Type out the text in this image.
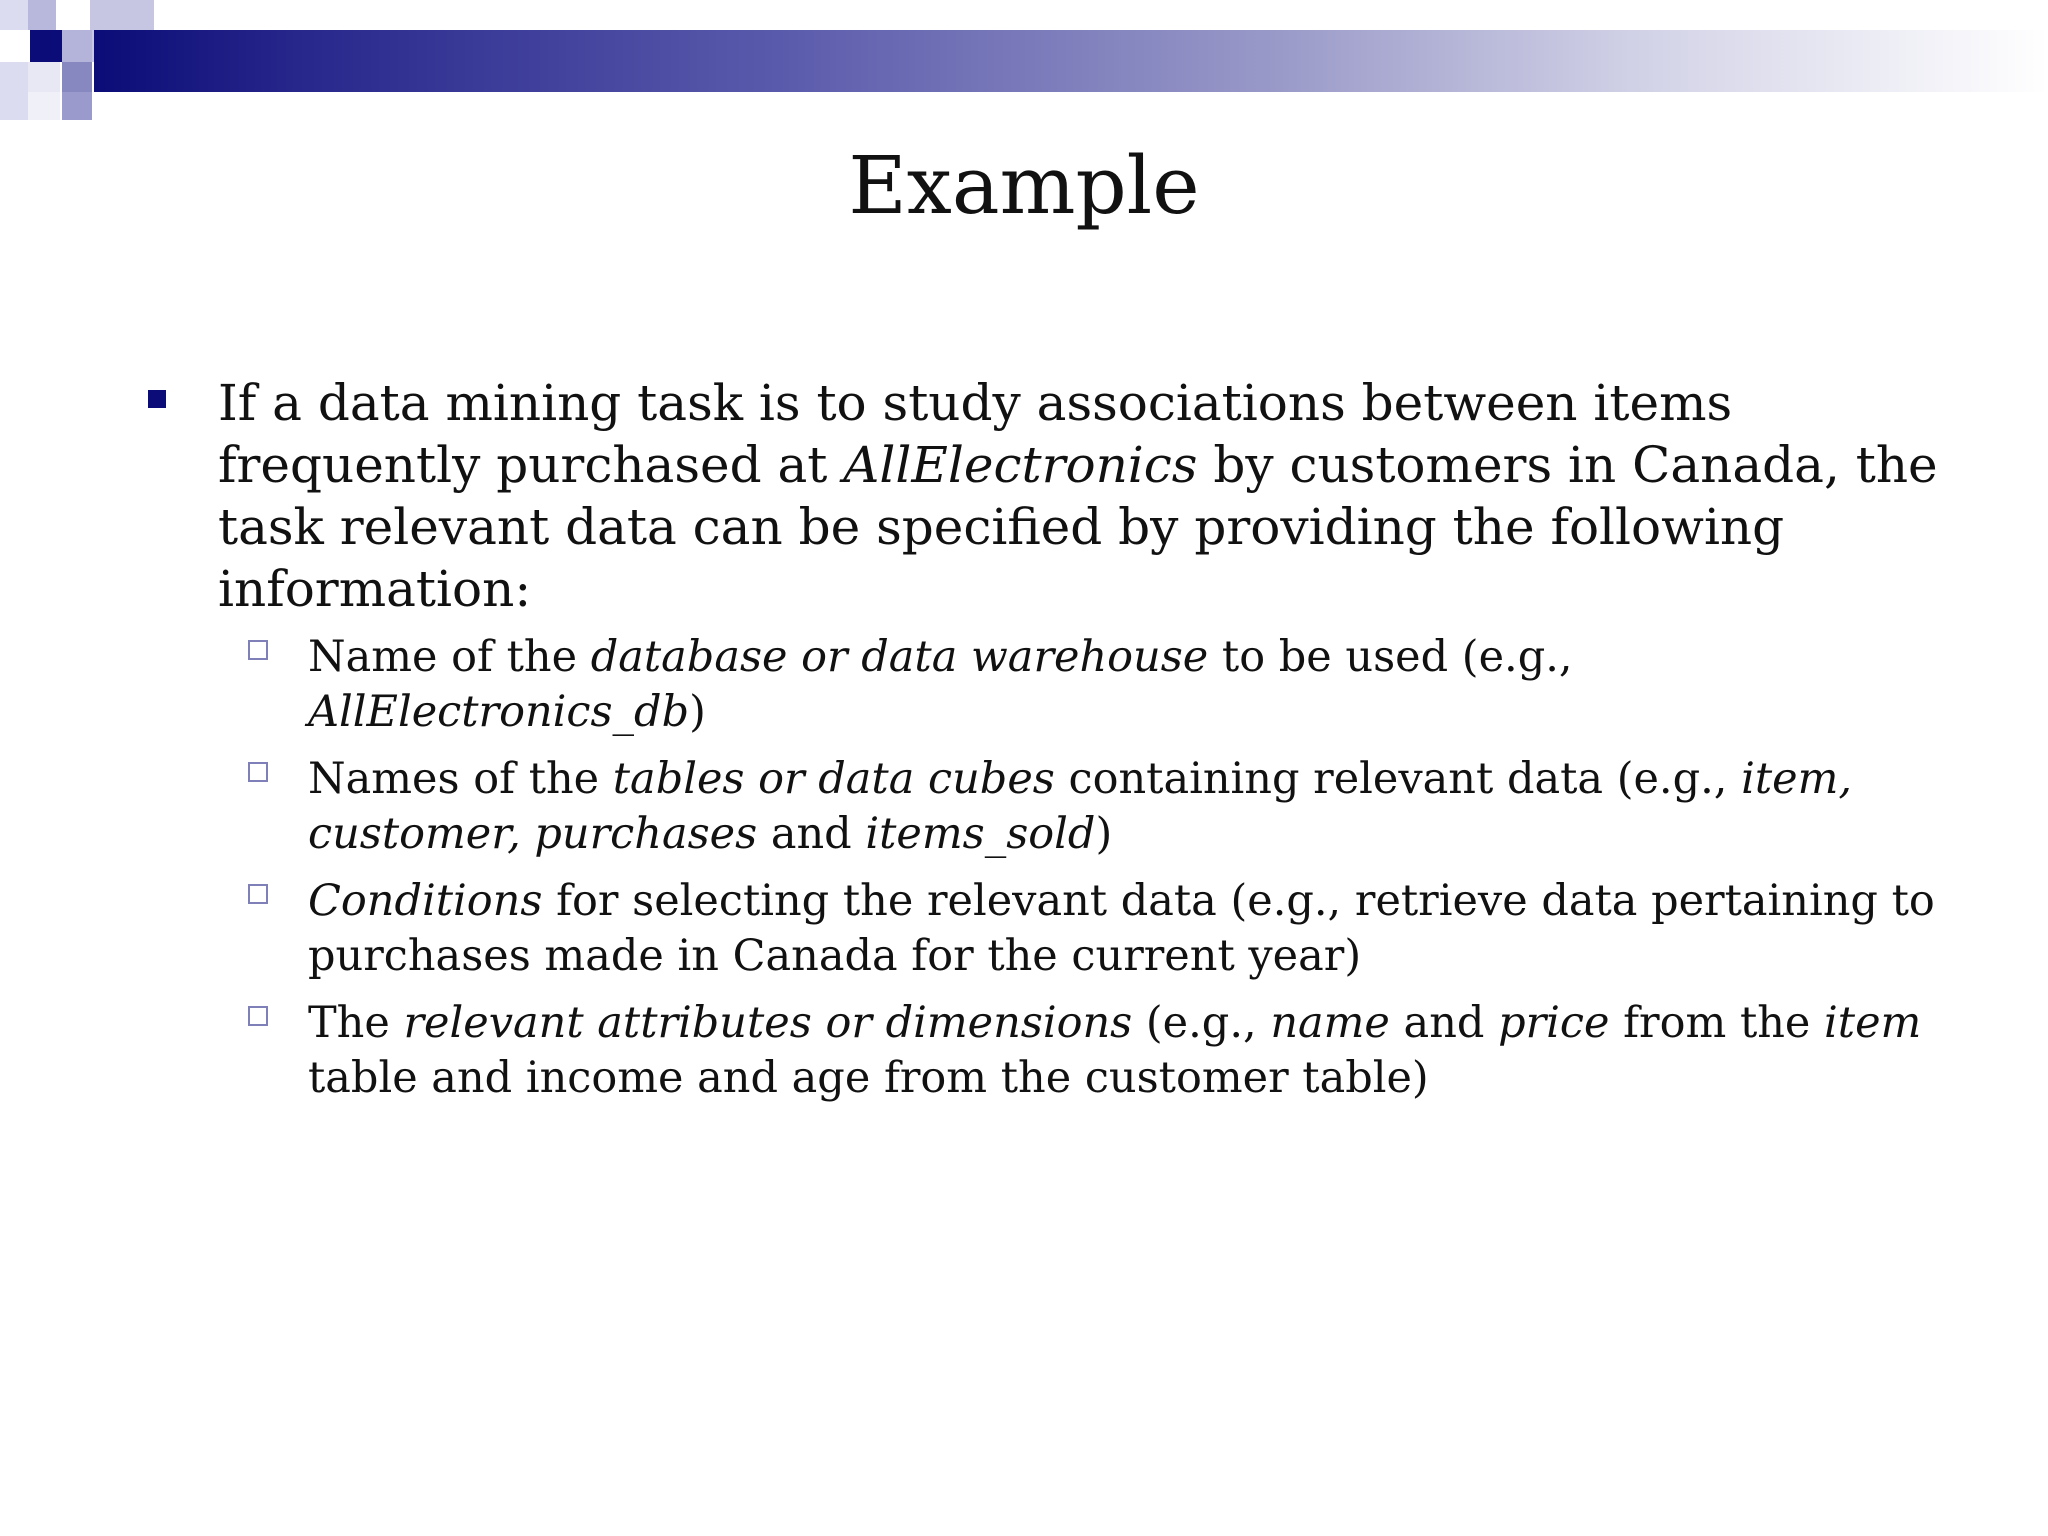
Example
If a data mining task is to study associations between items frequently purchased at AllElectronics by customers in Canada, the task relevant data can be specified by providing the following information:
Name of the database or data warehouse to be used (e.g., AllElectronics_db)
Names of the tables or data cubes containing relevant data (e.g., item, customer, purchases and items_sold)
Conditions for selecting the relevant data (e.g., retrieve data pertaining to purchases made in Canada for the current year)
The relevant attributes or dimensions (e.g., name and price from the item table and income and age from the customer table)
